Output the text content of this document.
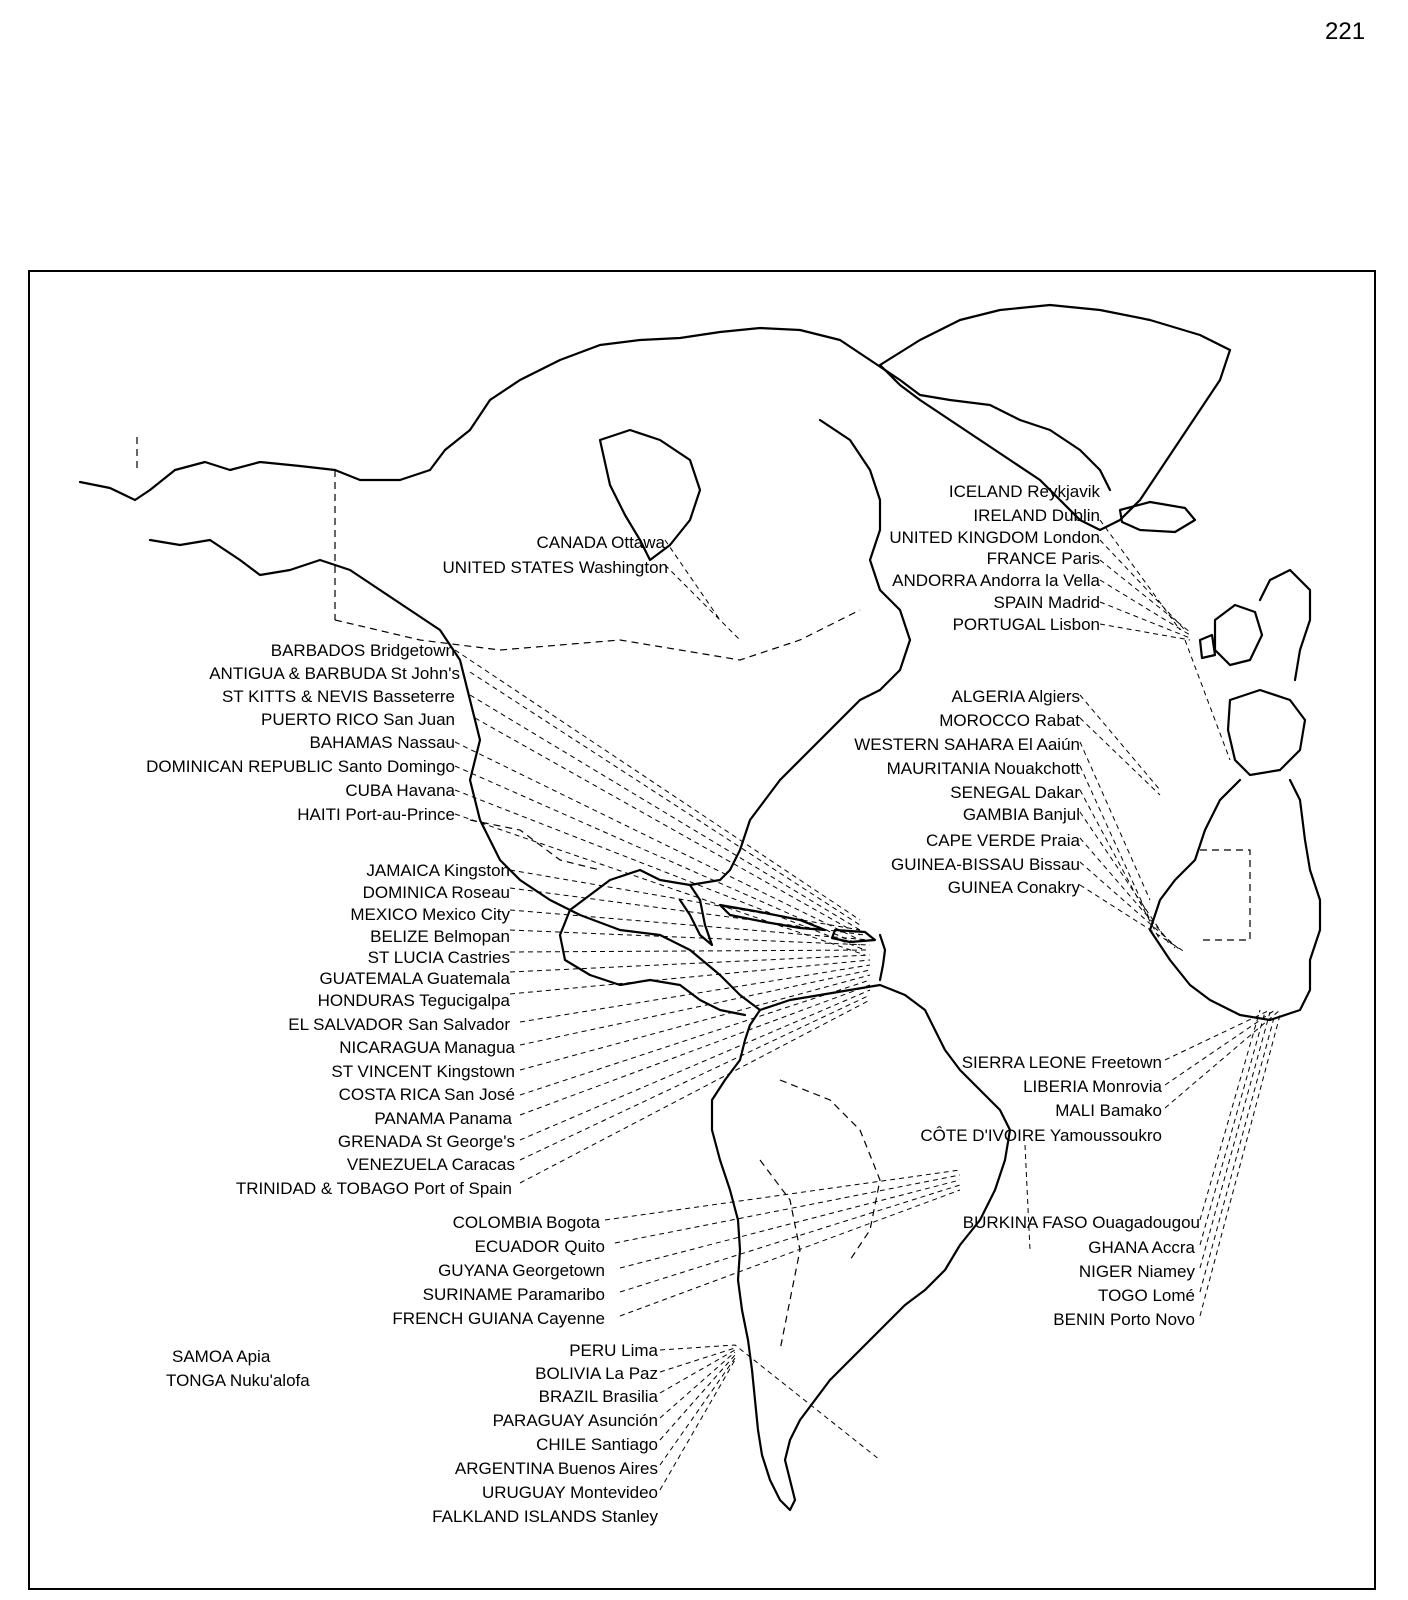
221
CANADA Ottawa
UNITED STATES Washington
BARBADOS Bridgetown
ANTIGUA & BARBUDA St John's
ST KITTS & NEVIS Basseterre
PUERTO RICO San Juan
BAHAMAS Nassau
DOMINICAN REPUBLIC Santo Domingo
CUBA Havana
HAITI Port-au-Prince
JAMAICA Kingston
DOMINICA Roseau
MEXICO Mexico City
BELIZE Belmopan
ST LUCIA Castries
GUATEMALA Guatemala
HONDURAS Tegucigalpa
EL SALVADOR San Salvador
NICARAGUA Managua
ST VINCENT Kingstown
COSTA RICA San José
PANAMA Panama
GRENADA St George's
VENEZUELA Caracas
TRINIDAD & TOBAGO Port of Spain
COLOMBIA Bogota
ECUADOR Quito
GUYANA Georgetown
SURINAME Paramaribo
FRENCH GUIANA Cayenne
SAMOA Apia
TONGA Nuku'alofa
PERU Lima
BOLIVIA La Paz
BRAZIL Brasilia
PARAGUAY Asunción
CHILE Santiago
ARGENTINA Buenos Aires
URUGUAY Montevideo
FALKLAND ISLANDS Stanley
ICELAND Reykjavik
IRELAND Dublin
UNITED KINGDOM London
FRANCE Paris
ANDORRA Andorra la Vella
SPAIN Madrid
PORTUGAL Lisbon
ALGERIA Algiers
MOROCCO Rabat
WESTERN SAHARA El Aaiún
MAURITANIA Nouakchott
SENEGAL Dakar
GAMBIA Banjul
CAPE VERDE Praia
GUINEA-BISSAU Bissau
GUINEA Conakry
SIERRA LEONE Freetown
LIBERIA Monrovia
MALI Bamako
CÔTE D'IVOIRE Yamoussoukro
BURKINA FASO Ouagadougou
GHANA Accra
NIGER Niamey
TOGO Lomé
BENIN Porto Novo
